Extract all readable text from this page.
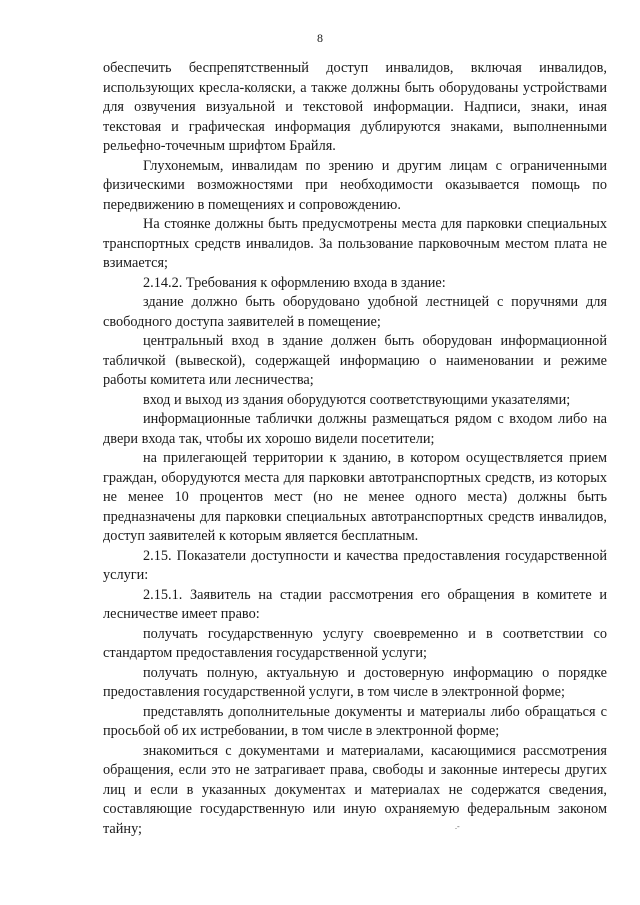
8

обеспечить беспрепятственный доступ инвалидов, включая инвалидов, использующих кресла-коляски, а также должны быть оборудованы устройствами для озвучения визуальной и текстовой информации. Надписи, знаки, иная текстовая и графическая информация дублируются знаками, выполненными рельефно-точечным шрифтом Брайля.

Глухонемым, инвалидам по зрению и другим лицам с ограниченными физическими возможностями при необходимости оказывается помощь по передвижению в помещениях и сопровождению.

На стоянке должны быть предусмотрены места для парковки специальных транспортных средств инвалидов. За пользование парковочным местом плата не взимается;

2.14.2. Требования к оформлению входа в здание:

здание должно быть оборудовано удобной лестницей с поручнями для свободного доступа заявителей в помещение;

центральный вход в здание должен быть оборудован информационной табличкой (вывеской), содержащей информацию о наименовании и режиме работы комитета или лесничества;

вход и выход из здания оборудуются соответствующими указателями;

информационные таблички должны размещаться рядом с входом либо на двери входа так, чтобы их хорошо видели посетители;

на прилегающей территории к зданию, в котором осуществляется прием граждан, оборудуются места для парковки автотранспортных средств, из которых не менее 10 процентов мест (но не менее одного места) должны быть предназначены для парковки специальных автотранспортных средств инвалидов, доступ заявителей к которым является бесплатным.

2.15. Показатели доступности и качества предоставления государственной услуги:

2.15.1. Заявитель на стадии рассмотрения его обращения в комитете и лесничестве имеет право:

получать государственную услугу своевременно и в соответствии со стандартом предоставления государственной услуги;

получать полную, актуальную и достоверную информацию о порядке предоставления государственной услуги, в том числе в электронной форме;

представлять дополнительные документы и материалы либо обращаться с просьбой об их истребовании, в том числе в электронной форме;

знакомиться с документами и материалами, касающимися рассмотрения обращения, если это не затрагивает права, свободы и законные интересы других лиц и если в указанных документах и материалах не содержатся сведения, составляющие государственную или иную охраняемую федеральным законом тайну;	.-
